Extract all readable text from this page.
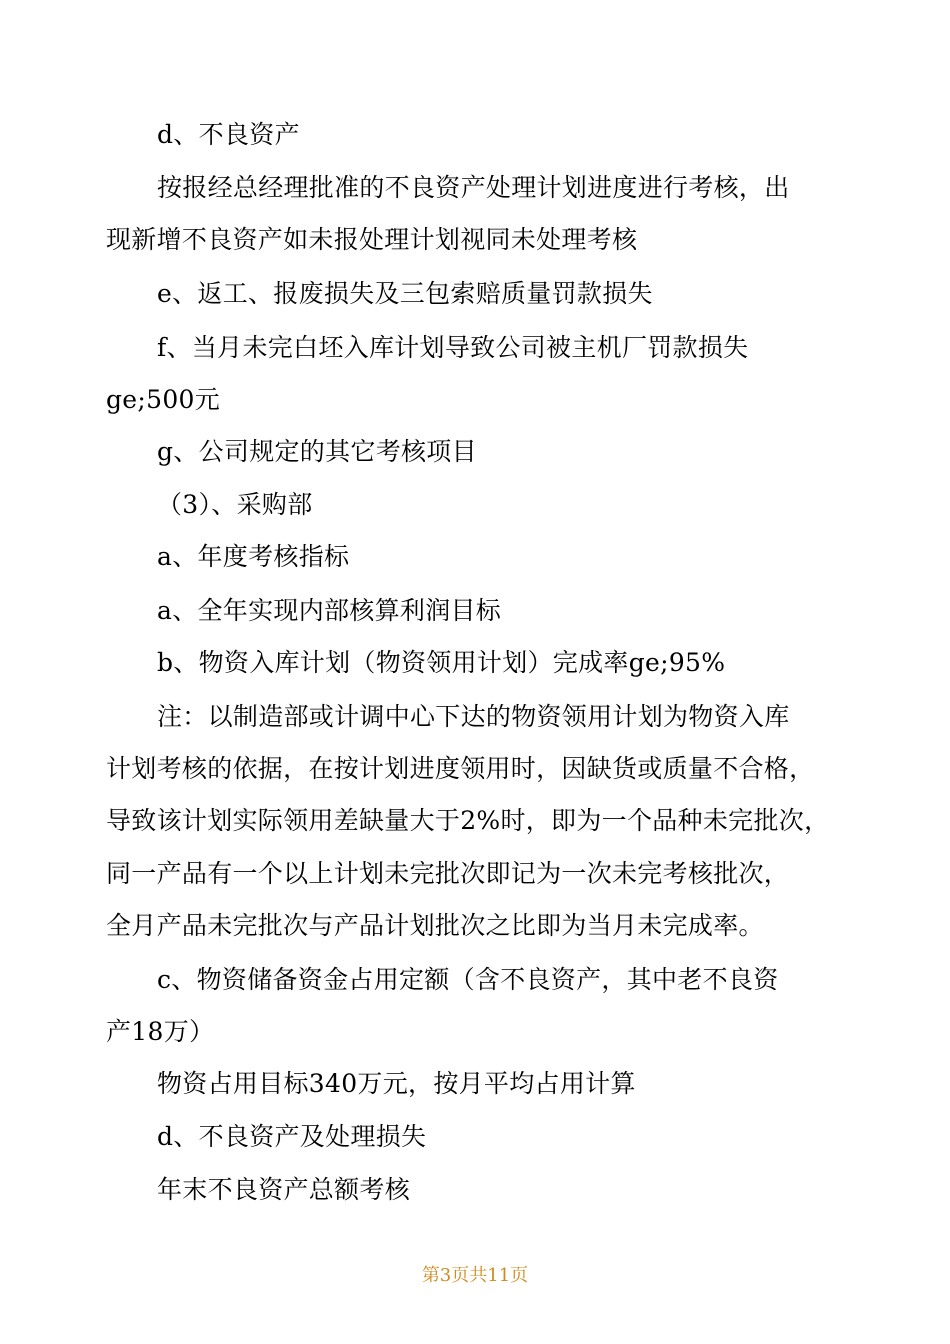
d、不良资产
按报经总经理批准的不良资产处理计划进度进行考核，出
现新增不良资产如未报处理计划视同未处理考核
e、返工、报废损失及三包索赔质量罚款损失
f、当月未完白坯入库计划导致公司被主机厂罚款损失
ge;500元
g、公司规定的其它考核项目
（3）、采购部
a、年度考核指标
a、全年实现内部核算利润目标
b、物资入库计划（物资领用计划）完成率ge;95%
注：以制造部或计调中心下达的物资领用计划为物资入库
计划考核的依据，在按计划进度领用时，因缺货或质量不合格，
导致该计划实际领用差缺量大于2%时，即为一个品种未完批次，
同一产品有一个以上计划未完批次即记为一次未完考核批次，
全月产品未完批次与产品计划批次之比即为当月未完成率。
c、物资储备资金占用定额（含不良资产，其中老不良资
产18万）
物资占用目标340万元，按月平均占用计算
d、不良资产及处理损失
年末不良资产总额考核
第3页共11页
